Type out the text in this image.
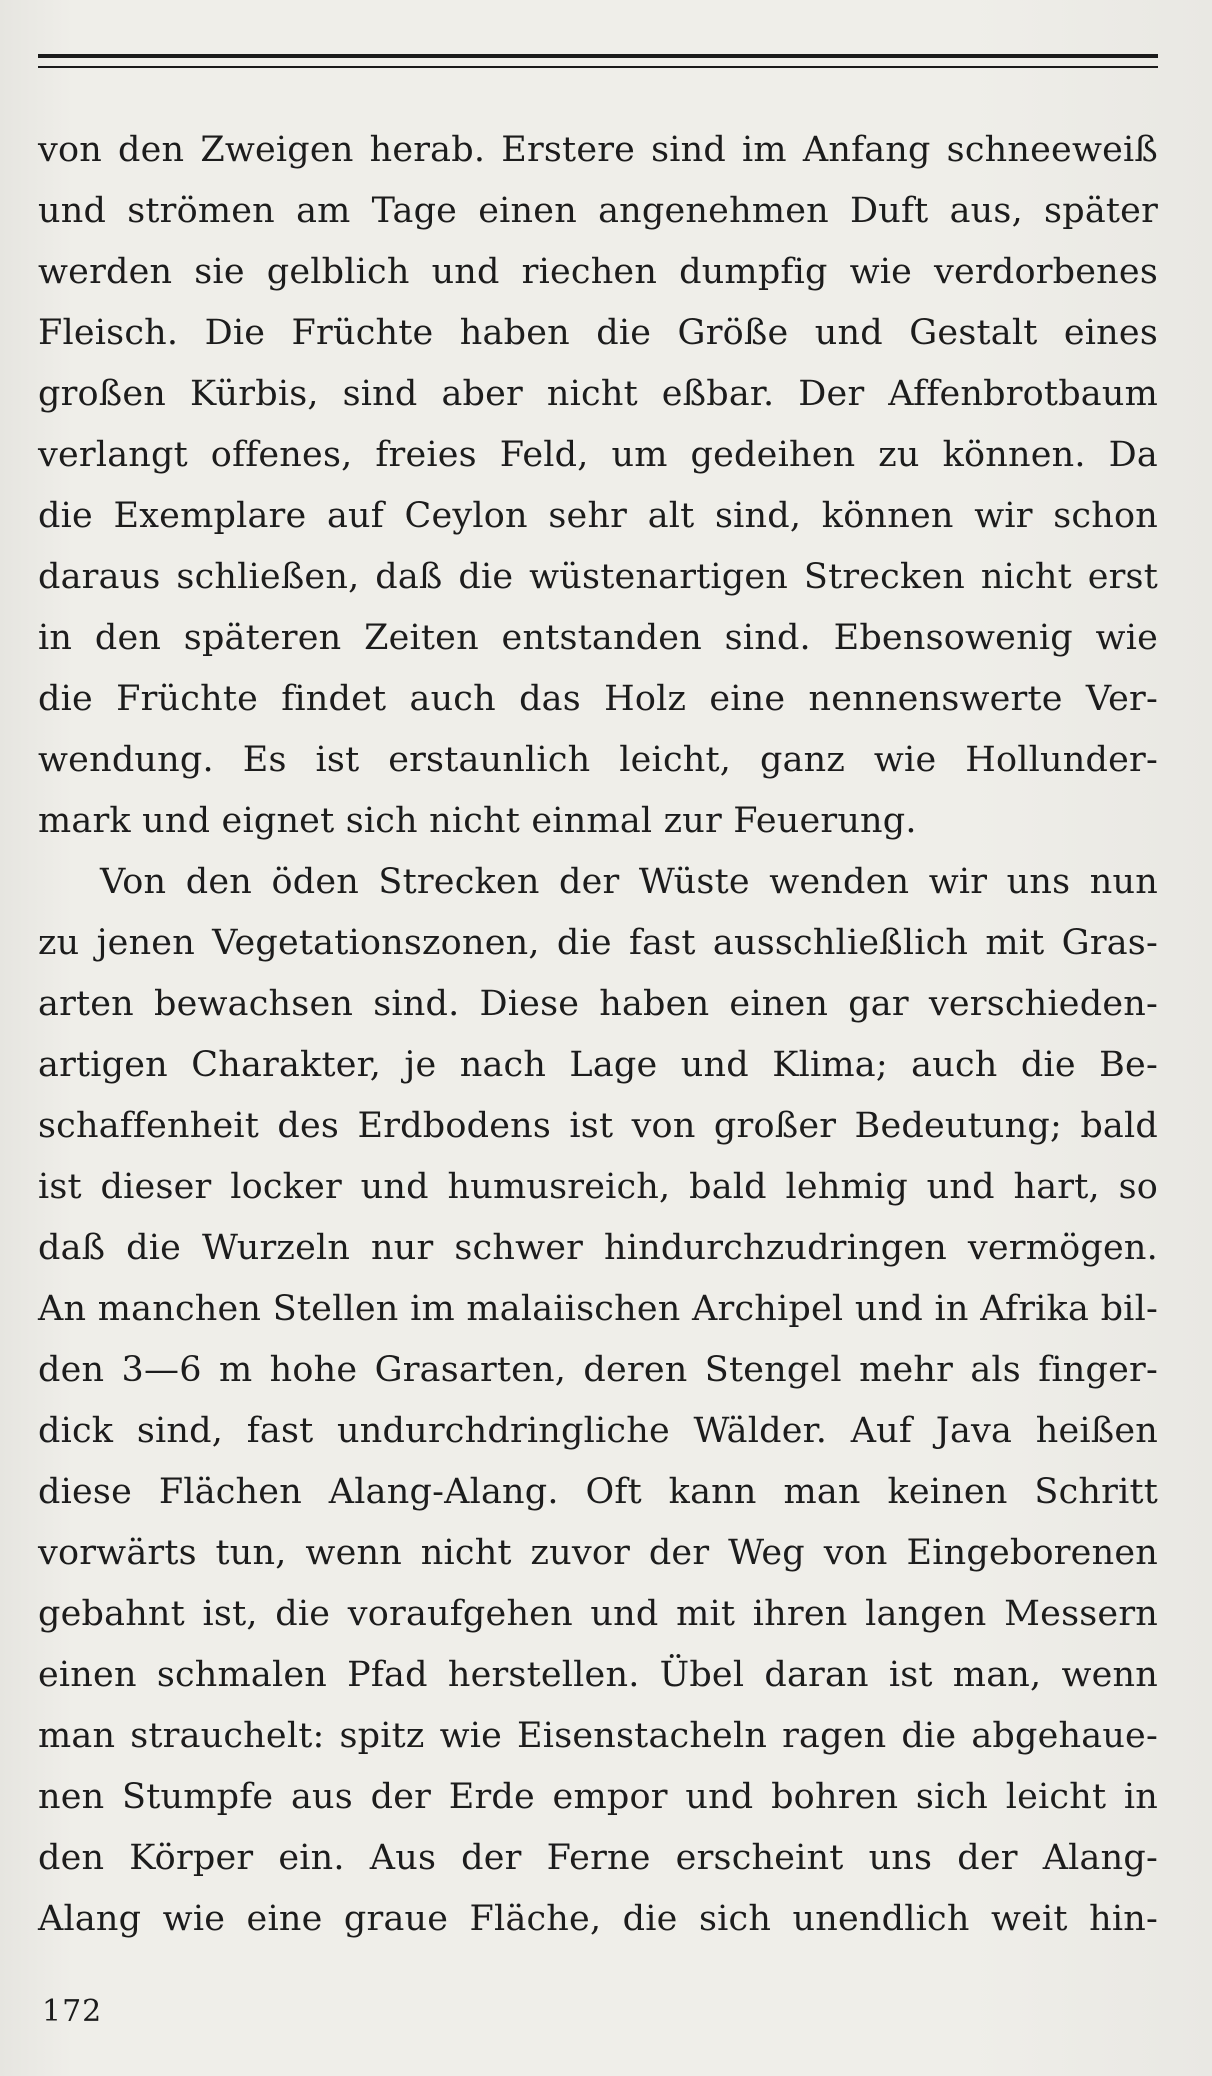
von den Zweigen herab. Erstere sind im Anfang schneeweiß
und strömen am Tage einen angenehmen Duft aus, später
werden sie gelblich und riechen dumpfig wie verdorbenes
Fleisch. Die Früchte haben die Größe und Gestalt eines
großen Kürbis, sind aber nicht eßbar. Der Affenbrotbaum
verlangt offenes, freies Feld, um gedeihen zu können. Da
die Exemplare auf Ceylon sehr alt sind, können wir schon
daraus schließen, daß die wüstenartigen Strecken nicht erst
in den späteren Zeiten entstanden sind. Ebensowenig wie
die Früchte findet auch das Holz eine nennenswerte Ver-
wendung. Es ist erstaunlich leicht, ganz wie Hollunder-
mark und eignet sich nicht einmal zur Feuerung.

Von den öden Strecken der Wüste wenden wir uns nun
zu jenen Vegetationszonen, die fast ausschließlich mit Gras-
arten bewachsen sind. Diese haben einen gar verschieden-
artigen Charakter, je nach Lage und Klima; auch die Be-
schaffenheit des Erdbodens ist von großer Bedeutung; bald
ist dieser locker und humusreich, bald lehmig und hart, so
daß die Wurzeln nur schwer hindurchzudringen vermögen.
An manchen Stellen im malaiischen Archipel und in Afrika bil-
den 3—6 m hohe Grasarten, deren Stengel mehr als finger-
dick sind, fast undurchdringliche Wälder. Auf Java heißen
diese Flächen Alang-Alang. Oft kann man keinen Schritt
vorwärts tun, wenn nicht zuvor der Weg von Eingeborenen
gebahnt ist, die voraufgehen und mit ihren langen Messern
einen schmalen Pfad herstellen. Übel daran ist man, wenn
man strauchelt: spitz wie Eisenstacheln ragen die abgehaue-
nen Stumpfe aus der Erde empor und bohren sich leicht in
den Körper ein. Aus der Ferne erscheint uns der Alang-
Alang wie eine graue Fläche, die sich unendlich weit hin-

172
